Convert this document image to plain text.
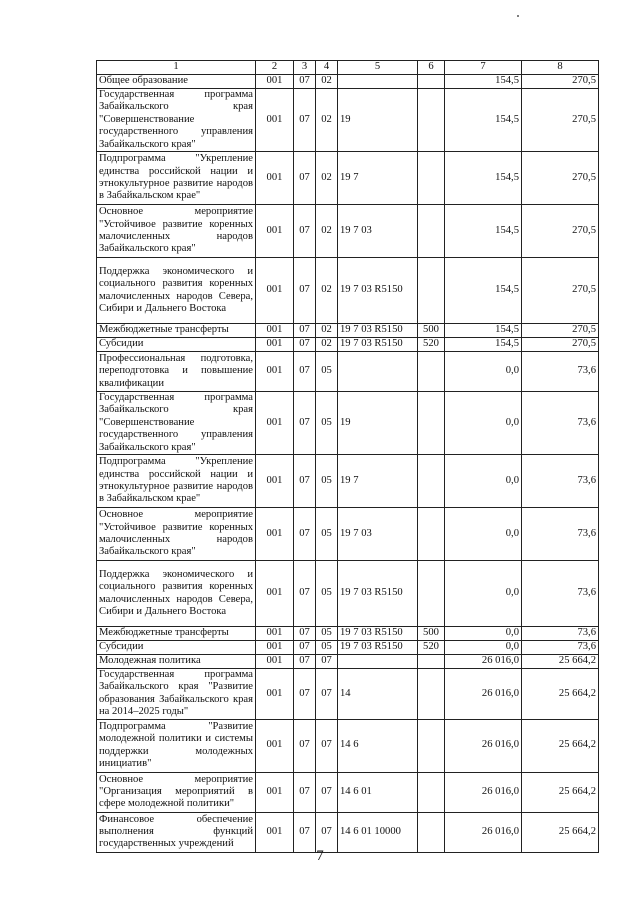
1	2	3	4	5	6	7	8
Общее образование	001	07	02			154,5	270,5
Государственная программа Забайкальского края "Совершенствование государственного управления Забайкальского края"	001	07	02	19		154,5	270,5
Подпрограмма "Укрепление единства российской нации и этнокультурное развитие народов в Забайкальском крае"	001	07	02	19 7		154,5	270,5
Основное мероприятие "Устойчивое развитие коренных малочисленных народов Забайкальского края"	001	07	02	19 7 03		154,5	270,5
Поддержка экономического и социального развития коренных малочисленных народов Севера, Сибири и Дальнего Востока	001	07	02	19 7 03 R5150		154,5	270,5
Межбюджетные трансферты	001	07	02	19 7 03 R5150	500	154,5	270,5
Субсидии	001	07	02	19 7 03 R5150	520	154,5	270,5
Профессиональная подготовка, переподготовка и повышение квалификации	001	07	05			0,0	73,6
Государственная программа Забайкальского края "Совершенствование государственного управления Забайкальского края"	001	07	05	19		0,0	73,6
Подпрограмма "Укрепление единства российской нации и этнокультурное развитие народов в Забайкальском крае"	001	07	05	19 7		0,0	73,6
Основное мероприятие "Устойчивое развитие коренных малочисленных народов Забайкальского края"	001	07	05	19 7 03		0,0	73,6
Поддержка экономического и социального развития коренных малочисленных народов Севера, Сибири и Дальнего Востока	001	07	05	19 7 03 R5150		0,0	73,6
Межбюджетные трансферты	001	07	05	19 7 03 R5150	500	0,0	73,6
Субсидии	001	07	05	19 7 03 R5150	520	0,0	73,6
Молодежная политика	001	07	07			26 016,0	25 664,2
Государственная программа Забайкальского края "Развитие образования Забайкальского края на 2014–2025 годы"	001	07	07	14		26 016,0	25 664,2
Подпрограмма "Развитие молодежной политики и системы поддержки молодежных инициатив"	001	07	07	14 6		26 016,0	25 664,2
Основное мероприятие "Организация мероприятий в сфере молодежной политики"	001	07	07	14 6 01		26 016,0	25 664,2
Финансовое обеспечение выполнения функций государственных учреждений	001	07	07	14 6 01 10000		26 016,0	25 664,2
7
